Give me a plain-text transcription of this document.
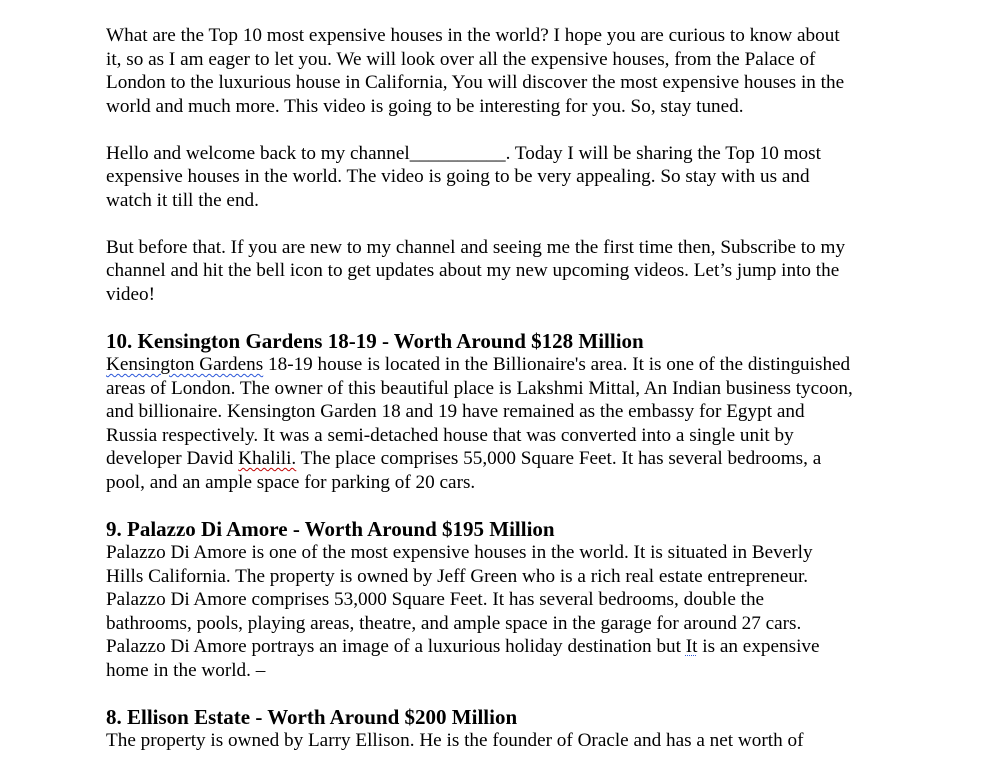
What are the Top 10 most expensive houses in the world? I hope you are curious to know about
it, so as I am eager to let you. We will look over all the expensive houses, from the Palace of
London to the luxurious house in California, You will discover the most expensive houses in the
world and much more. This video is going to be interesting for you. So, stay tuned.
Hello and welcome back to my channel__________. Today I will be sharing the Top 10 most
expensive houses in the world. The video is going to be very appealing. So stay with us and
watch it till the end.
But before that. If you are new to my channel and seeing me the first time then, Subscribe to my
channel and hit the bell icon to get updates about my new upcoming videos. Let’s jump into the
video!
10. Kensington Gardens 18-19 - Worth Around $128 Million
Kensington Gardens 18-19 house is located in the Billionaire's area. It is one of the distinguished
areas of London. The owner of this beautiful place is Lakshmi Mittal, An Indian business tycoon,
and billionaire. Kensington Garden 18 and 19 have remained as the embassy for Egypt and
Russia respectively. It was a semi-detached house that was converted into a single unit by
developer David Khalili. The place comprises 55,000 Square Feet. It has several bedrooms, a
pool, and an ample space for parking of 20 cars.
9. Palazzo Di Amore - Worth Around $195 Million
Palazzo Di Amore is one of the most expensive houses in the world. It is situated in Beverly
Hills California. The property is owned by Jeff Green who is a rich real estate entrepreneur.
Palazzo Di Amore comprises 53,000 Square Feet. It has several bedrooms, double the
bathrooms, pools, playing areas, theatre, and ample space in the garage for around 27 cars.
Palazzo Di Amore portrays an image of a luxurious holiday destination but It is an expensive
home in the world. –
8. Ellison Estate - Worth Around $200 Million
The property is owned by Larry Ellison. He is the founder of Oracle and has a net worth of
